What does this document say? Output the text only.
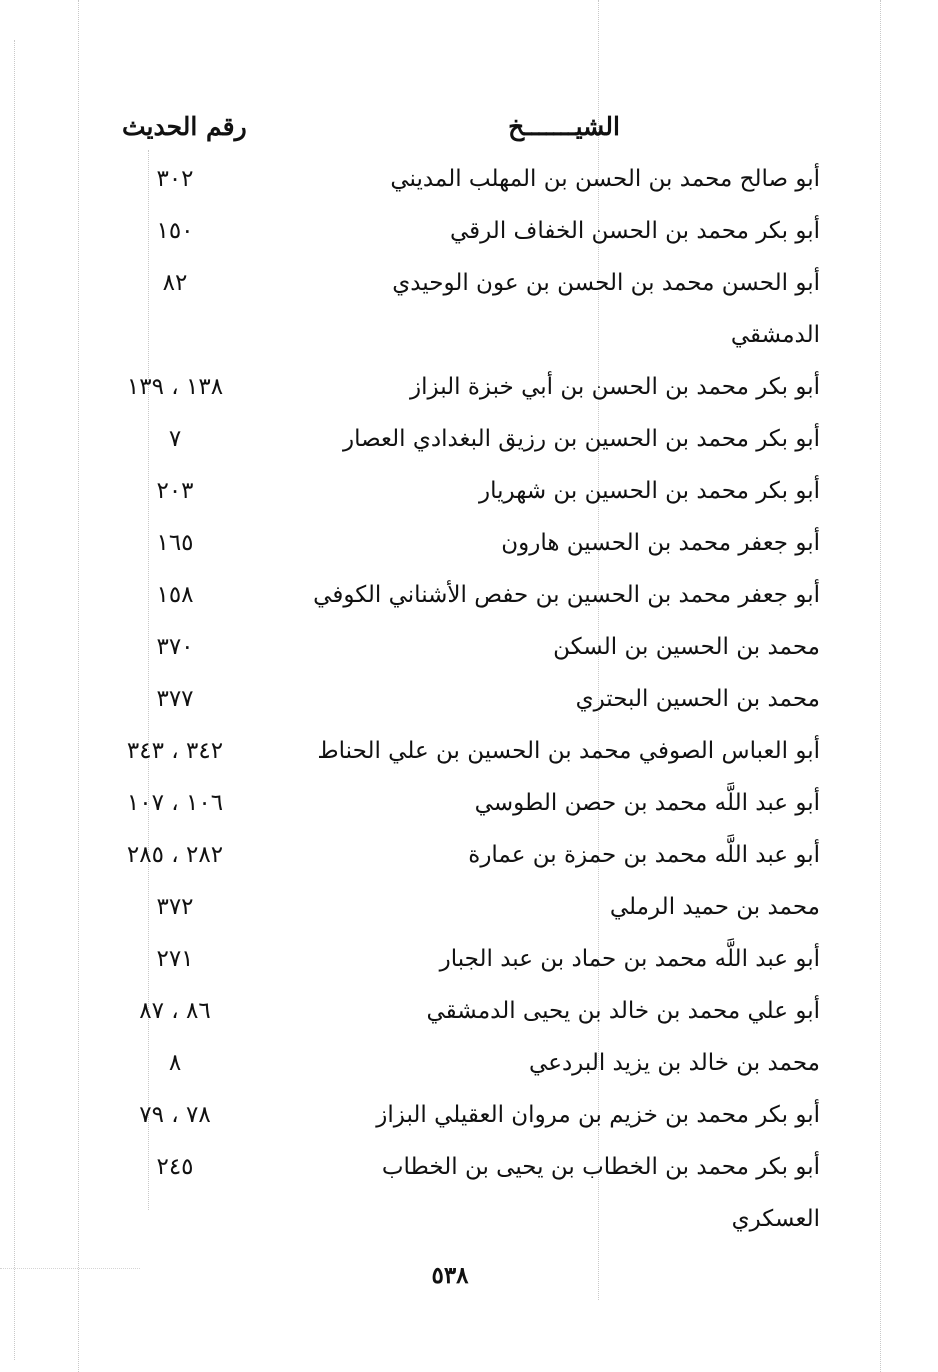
الشيـــــــخ
رقم الحديث
أبو صالح محمد بن الحسن بن المهلب المديني
٣٠٢
أبو بكر محمد بن الحسن الخفاف الرقي
١٥٠
أبو الحسن محمد بن الحسن بن عون الوحيدي
٨٢
الدمشقي
أبو بكر محمد بن الحسن بن أبي خبزة البزاز
١٣٨ ، ١٣٩
أبو بكر محمد بن الحسين بن رزيق البغدادي العصار
٧
أبو بكر محمد بن الحسين بن شهريار
٢٠٣
أبو جعفر محمد بن الحسين هارون
١٦٥
أبو جعفر محمد بن الحسين بن حفص الأشناني الكوفي
١٥٨
محمد بن الحسين بن السكن
٣٧٠
محمد بن الحسين البحتري
٣٧٧
أبو العباس الصوفي محمد بن الحسين بن علي الحناط
٣٤٢ ، ٣٤٣
أبو عبد اللَّه محمد بن حصن الطوسي
١٠٦ ، ١٠٧
أبو عبد اللَّه محمد بن حمزة بن عمارة
٢٨٢ ، ٢٨٥
محمد بن حميد الرملي
٣٧٢
أبو عبد اللَّه محمد بن حماد بن عبد الجبار
٢٧١
أبو علي محمد بن خالد بن يحيى الدمشقي
٨٦ ، ٨٧
محمد بن خالد بن يزيد البردعي
٨
أبو بكر محمد بن خزيم بن مروان العقيلي البزاز
٧٨ ، ٧٩
أبو بكر محمد بن الخطاب بن يحيى بن الخطاب
٢٤٥
العسكري
٥٣٨
